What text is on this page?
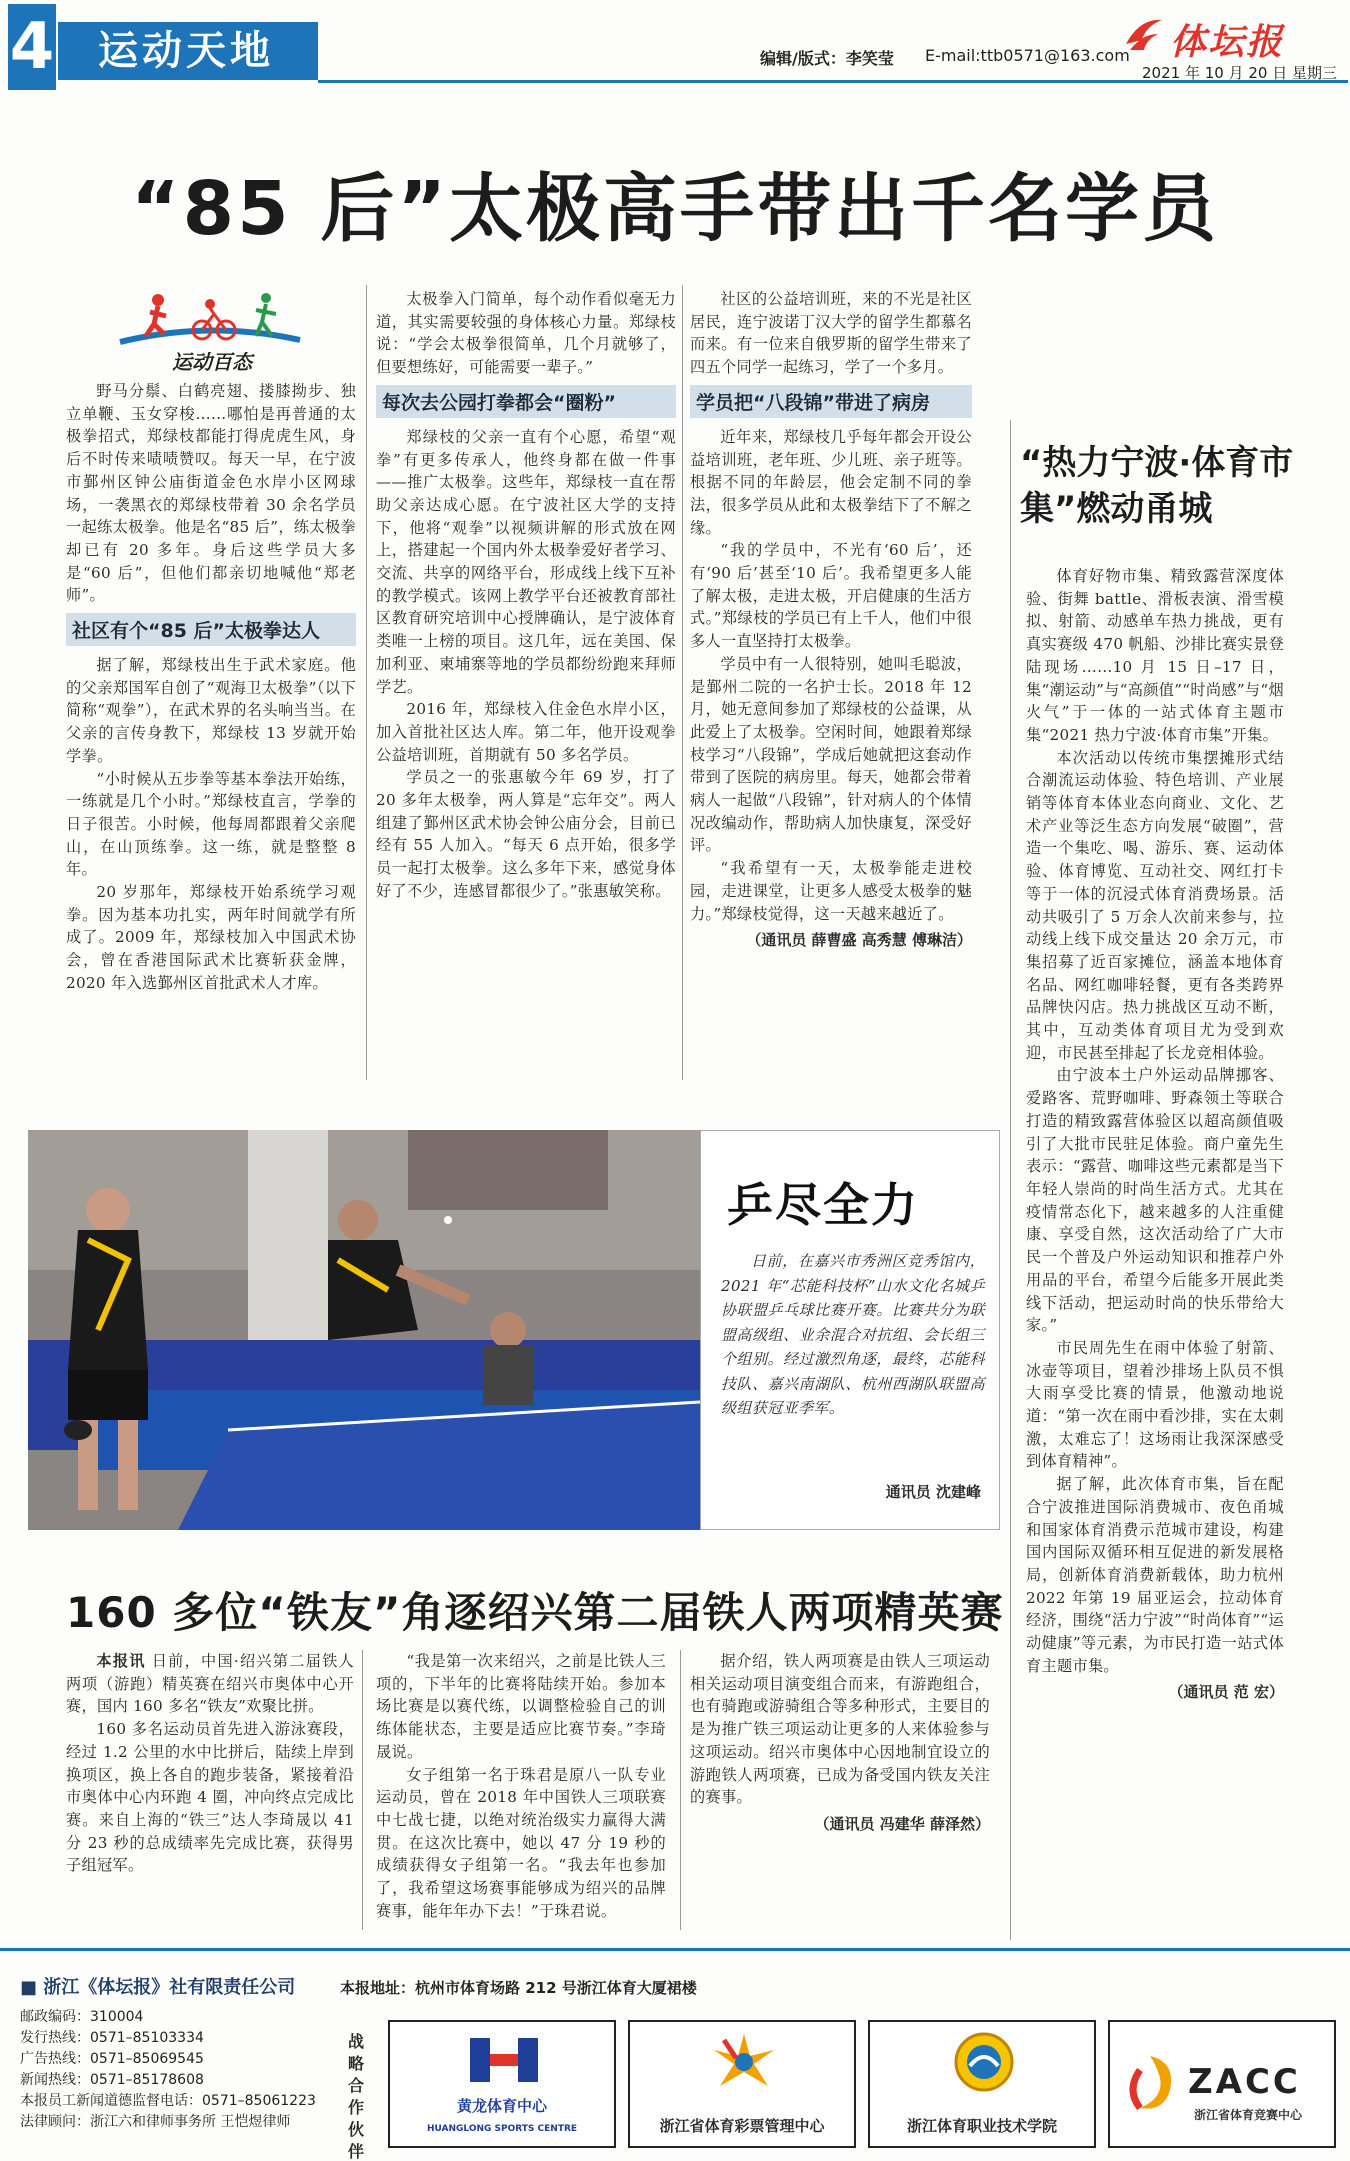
4	运动天地	编辑/版式：李笑莹 E-mail:ttb0571@163.com 体坛报
2021 年 10 月 20 日 星期三
“85 后”太极高手带出千名学员
运动百态

野马分鬃、白鹤亮翅、搂膝拗步、独立单鞭、玉女穿梭……哪怕是再普通的太极拳招式，郑绿枝都能打得虎虎生风，身后不时传来啧啧赞叹。每天一早，在宁波市鄞州区钟公庙街道金色水岸小区网球场，一袭黑衣的郑绿枝带着 30 余名学员一起练太极拳。他是名“85 后”，练太极拳却已有 20 多年。身后这些学员大多是“60 后”，但他们都亲切地喊他“郑老师”。

社区有个“85 后”太极拳达人

据了解，郑绿枝出生于武术家庭。他的父亲郑国军自创了“观海卫太极拳”（以下简称“观拳”），在武术界的名头响当当。在父亲的言传身教下，郑绿枝 13 岁就开始学拳。

“小时候从五步拳等基本拳法开始练，一练就是几个小时。”郑绿枝直言，学拳的日子很苦。小时候，他每周都跟着父亲爬山，在山顶练拳。这一练，就是整整 8 年。

20 岁那年，郑绿枝开始系统学习观拳。因为基本功扎实，两年时间就学有所成了。2009 年，郑绿枝加入中国武术协会，曾在香港国际武术比赛斩获金牌，2020 年入选鄞州区首批武术人才库。

太极拳入门简单，每个动作看似毫无力道，其实需要较强的身体核心力量。郑绿枝说：“学会太极拳很简单，几个月就够了，但要想练好，可能需要一辈子。”

每次去公园打拳都会“圈粉”

郑绿枝的父亲一直有个心愿，希望“观拳”有更多传承人，他终身都在做一件事——推广太极拳。这些年，郑绿枝一直在帮助父亲达成心愿。在宁波社区大学的支持下，他将“观拳”以视频讲解的形式放在网上，搭建起一个国内外太极拳爱好者学习、交流、共享的网络平台，形成线上线下互补的教学模式。该网上教学平台还被教育部社区教育研究培训中心授牌确认，是宁波体育类唯一上榜的项目。这几年，远在美国、保加利亚、柬埔寨等地的学员都纷纷跑来拜师学艺。

2016 年，郑绿枝入住金色水岸小区，加入首批社区达人库。第二年，他开设观拳公益培训班，首期就有 50 多名学员。

学员之一的张惠敏今年 69 岁，打了 20 多年太极拳，两人算是“忘年交”。两人组建了鄞州区武术协会钟公庙分会，目前已经有 55 人加入。“每天 6 点开始，很多学员一起打太极拳。这么多年下来，感觉身体好了不少，连感冒都很少了。”张惠敏笑称。

社区的公益培训班，来的不光是社区居民，连宁波诺丁汉大学的留学生都慕名而来。有一位来自俄罗斯的留学生带来了四五个同学一起练习，学了一个多月。

学员把“八段锦”带进了病房

近年来，郑绿枝几乎每年都会开设公益培训班，老年班、少儿班、亲子班等。根据不同的年龄层，他会定制不同的拳法，很多学员从此和太极拳结下了不解之缘。

“我的学员中，不光有‘60 后’，还有‘90 后’甚至‘10 后’。我希望更多人能了解太极，走进太极，开启健康的生活方式。”郑绿枝的学员已有上千人，他们中很多人一直坚持打太极拳。

学员中有一人很特别，她叫毛聪波，是鄞州二院的一名护士长。2018 年 12 月，她无意间参加了郑绿枝的公益课，从此爱上了太极拳。空闲时间，她跟着郑绿枝学习“八段锦”，学成后她就把这套动作带到了医院的病房里。每天，她都会带着病人一起做“八段锦”，针对病人的个体情况改编动作，帮助病人加快康复，深受好评。

“我希望有一天，太极拳能走进校园，走进课堂，让更多人感受太极拳的魅力。”郑绿枝觉得，这一天越来越近了。

（通讯员 薛曹盛 高秀慧 傅琳洁）
“热力宁波·体育市集”燃动甬城

体育好物市集、精致露营深度体验、街舞 battle、滑板表演、滑雪模拟、射箭、动感单车热力挑战，更有真实赛级 470 帆船、沙排比赛实景登陆现场……10 月 15 日–17 日，集“潮运动”与“高颜值”“时尚感”与“烟火气”于一体的一站式体育主题市集“2021 热力宁波·体育市集”开集。

本次活动以传统市集摆摊形式结合潮流运动体验、特色培训、产业展销等体育本体业态向商业、文化、艺术产业等泛生态方向发展“破圈”，营造一个集吃、喝、游乐、赛、运动体验、体育博览、互动社交、网红打卡等于一体的沉浸式体育消费场景。活动共吸引了 5 万余人次前来参与，拉动线上线下成交量达 20 余万元，市集招募了近百家摊位，涵盖本地体育名品、网红咖啡轻餐，更有各类跨界品牌快闪店。热力挑战区互动不断，其中，互动类体育项目尤为受到欢迎，市民甚至排起了长龙竞相体验。

由宁波本土户外运动品牌挪客、爱路客、荒野咖啡、野森领土等联合打造的精致露营体验区以超高颜值吸引了大批市民驻足体验。商户童先生表示：“露营、咖啡这些元素都是当下年轻人崇尚的时尚生活方式。尤其在疫情常态化下，越来越多的人注重健康、享受自然，这次活动给了广大市民一个普及户外运动知识和推荐户外用品的平台，希望今后能多开展此类线下活动，把运动时尚的快乐带给大家。”

市民周先生在雨中体验了射箭、冰壶等项目，望着沙排场上队员不惧大雨享受比赛的情景，他激动地说道：“第一次在雨中看沙排，实在太刺激，太难忘了！这场雨让我深深感受到体育精神”。

据了解，此次体育市集，旨在配合宁波推进国际消费城市、夜色甬城和国家体育消费示范城市建设，构建国内国际双循环相互促进的新发展格局，创新体育消费新载体，助力杭州 2022 年第 19 届亚运会，拉动体育经济，围绕“活力宁波”“时尚体育”“运动健康”等元素，为市民打造一站式体育主题市集。

（通讯员 范 宏）
乒尽全力
日前，在嘉兴市秀洲区竞秀馆内，2021 年“芯能科技杯”山水文化名城乒协联盟乒乓球比赛开赛。比赛共分为联盟高级组、业余混合对抗组、会长组三个组别。经过激烈角逐，最终，芯能科技队、嘉兴南湖队、杭州西湖队联盟高级组获冠亚季军。
通讯员 沈建峰
160 多位“铁友”角逐绍兴第二届铁人两项精英赛

本报讯 日前，中国·绍兴第二届铁人两项（游跑）精英赛在绍兴市奥体中心开赛，国内 160 多名“铁友”欢聚比拼。

160 多名运动员首先进入游泳赛段，经过 1.2 公里的水中比拼后，陆续上岸到换项区，换上各自的跑步装备，紧接着沿市奥体中心内环跑 4 圈，冲向终点完成比赛。来自上海的“铁三”达人李琦晟以 41 分 23 秒的总成绩率先完成比赛，获得男子组冠军。

“我是第一次来绍兴，之前是比铁人三项的，下半年的比赛将陆续开始。参加本场比赛是以赛代练，以调整检验自己的训练体能状态，主要是适应比赛节奏。”李琦晟说。

女子组第一名于珠君是原八一队专业运动员，曾在 2018 年中国铁人三项联赛中七战七捷，以绝对统治级实力赢得大满贯。在这次比赛中，她以 47 分 19 秒的成绩获得女子组第一名。“我去年也参加了，我希望这场赛事能够成为绍兴的品牌赛事，能年年办下去！”于珠君说。

据介绍，铁人两项赛是由铁人三项运动相关运动项目演变组合而来，有游跑组合，也有骑跑或游骑组合等多种形式，主要目的是为推广铁三项运动让更多的人来体验参与这项运动。绍兴市奥体中心因地制宜设立的游跑铁人两项赛，已成为备受国内铁友关注的赛事。

（通讯员 冯建华 薛泽然）
■ 浙江《体坛报》社有限责任公司	本报地址：杭州市体育场路 212 号浙江体育大厦裙楼
邮政编码：310004
发行热线：0571–85103334
广告热线：0571–85069545
新闻热线：0571–85178608
本报员工新闻道德监督电话：0571–85061223
法律顾问：浙江六和律师事务所 王恺煜律师
战略合作伙伴
黄龙体育中心
HUANGLONG SPORTS CENTRE	浙江省体育彩票管理中心	浙江体育职业技术学院
ZACC
浙江省体育竞赛中心
